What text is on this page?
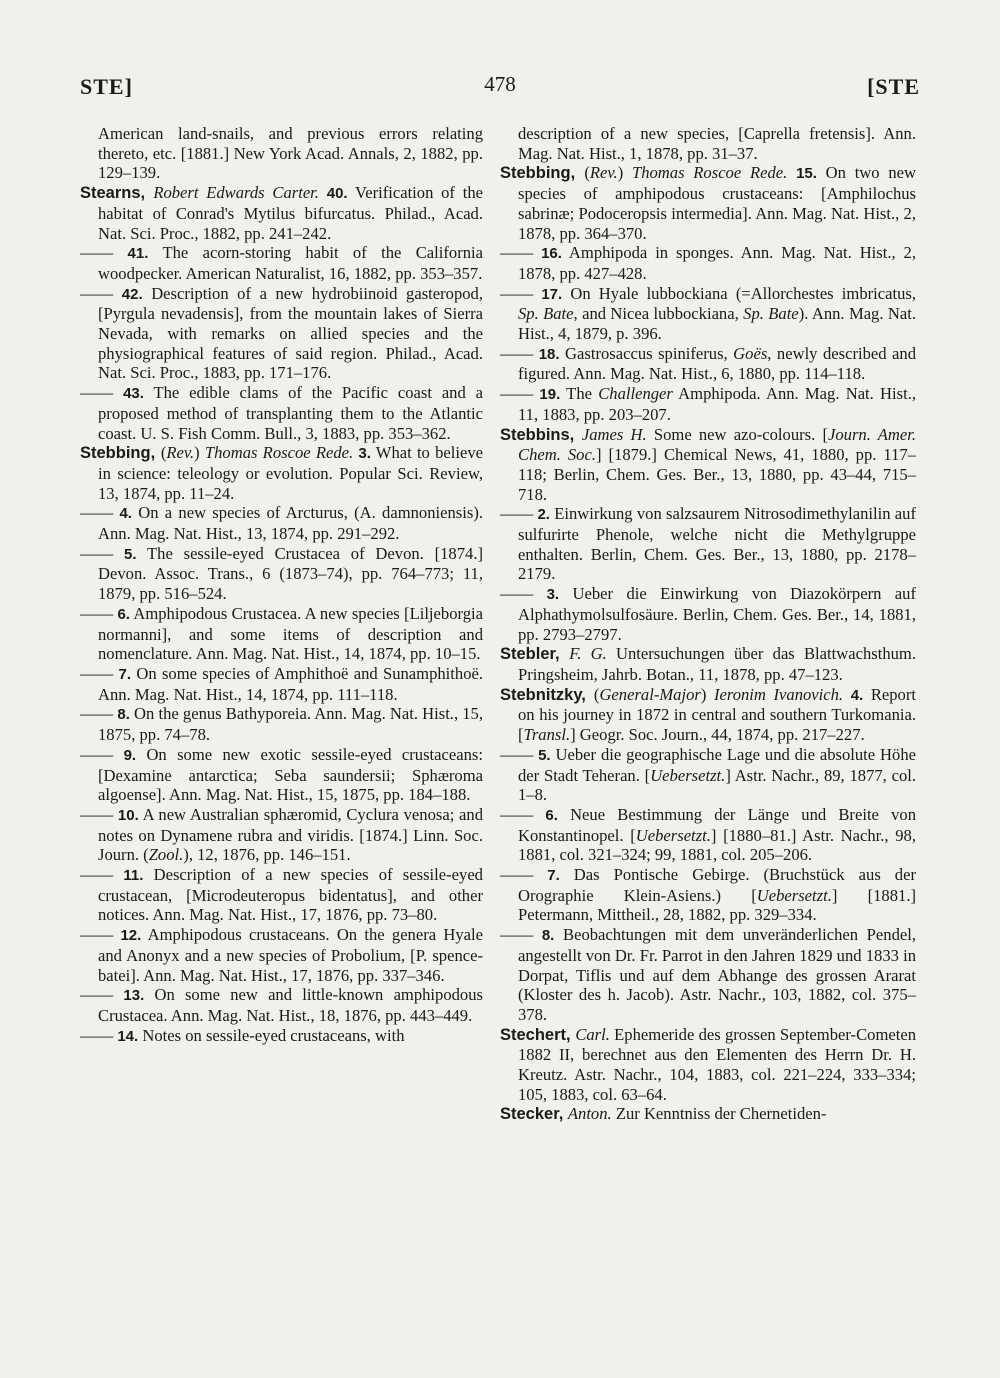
STE]	478	[STE

American land-snails, and previous errors relating thereto, etc. [1881.] New York Acad. Annals, 2, 1882, pp. 129–139.

Stearns, Robert Edwards Carter. 40. Verification of the habitat of Conrad's Mytilus bifurcatus. Philad., Acad. Nat. Sci. Proc., 1882, pp. 241–242.

—— 41. The acorn-storing habit of the California woodpecker. American Naturalist, 16, 1882, pp. 353–357.

—— 42. Description of a new hydrobiinoid gasteropod, [Pyrgula nevadensis], from the mountain lakes of Sierra Nevada, with remarks on allied species and the physiographical features of said region. Philad., Acad. Nat. Sci. Proc., 1883, pp. 171–176.

—— 43. The edible clams of the Pacific coast and a proposed method of transplanting them to the Atlantic coast. U. S. Fish Comm. Bull., 3, 1883, pp. 353–362.

Stebbing, (Rev.) Thomas Roscoe Rede. 3. What to believe in science: teleology or evolution. Popular Sci. Review, 13, 1874, pp. 11–24.

—— 4. On a new species of Arcturus, (A. damnoniensis). Ann. Mag. Nat. Hist., 13, 1874, pp. 291–292.

—— 5. The sessile-eyed Crustacea of Devon. [1874.] Devon. Assoc. Trans., 6 (1873–74), pp. 764–773; 11, 1879, pp. 516–524.

—— 6. Amphipodous Crustacea. A new species [Liljeborgia normanni], and some items of description and nomenclature. Ann. Mag. Nat. Hist., 14, 1874, pp. 10–15.

—— 7. On some species of Amphithoë and Sunamphithoë. Ann. Mag. Nat. Hist., 14, 1874, pp. 111–118.

—— 8. On the genus Bathyporeia. Ann. Mag. Nat. Hist., 15, 1875, pp. 74–78.

—— 9. On some new exotic sessile-eyed crustaceans: [Dexamine antarctica; Seba saundersii; Sphæroma algoense]. Ann. Mag. Nat. Hist., 15, 1875, pp. 184–188.

—— 10. A new Australian sphæromid, Cyclura venosa; and notes on Dynamene rubra and viridis. [1874.] Linn. Soc. Journ. (Zool.), 12, 1876, pp. 146–151.

—— 11. Description of a new species of sessile-eyed crustacean, [Microdeuteropus bidentatus], and other notices. Ann. Mag. Nat. Hist., 17, 1876, pp. 73–80.

—— 12. Amphipodous crustaceans. On the genera Hyale and Anonyx and a new species of Probolium, [P. spence-batei]. Ann. Mag. Nat. Hist., 17, 1876, pp. 337–346.

—— 13. On some new and little-known amphipodous Crustacea. Ann. Mag. Nat. Hist., 18, 1876, pp. 443–449.

—— 14. Notes on sessile-eyed crustaceans, with

description of a new species, [Caprella fretensis]. Ann. Mag. Nat. Hist., 1, 1878, pp. 31–37.

Stebbing, (Rev.) Thomas Roscoe Rede. 15. On two new species of amphipodous crustaceans: [Amphilochus sabrinæ; Podoceropsis intermedia]. Ann. Mag. Nat. Hist., 2, 1878, pp. 364–370.

—— 16. Amphipoda in sponges. Ann. Mag. Nat. Hist., 2, 1878, pp. 427–428.

—— 17. On Hyale lubbockiana (=Allorchestes imbricatus, Sp. Bate, and Nicea lubbockiana, Sp. Bate). Ann. Mag. Nat. Hist., 4, 1879, p. 396.

—— 18. Gastrosaccus spiniferus, Goës, newly described and figured. Ann. Mag. Nat. Hist., 6, 1880, pp. 114–118.

—— 19. The Challenger Amphipoda. Ann. Mag. Nat. Hist., 11, 1883, pp. 203–207.

Stebbins, James H. Some new azo-colours. [Journ. Amer. Chem. Soc.] [1879.] Chemical News, 41, 1880, pp. 117–118; Berlin, Chem. Ges. Ber., 13, 1880, pp. 43–44, 715–718.

—— 2. Einwirkung von salzsaurem Nitrosodimethylanilin auf sulfurirte Phenole, welche nicht die Methylgruppe enthalten. Berlin, Chem. Ges. Ber., 13, 1880, pp. 2178–2179.

—— 3. Ueber die Einwirkung von Diazokörpern auf Alphathymolsulfosäure. Berlin, Chem. Ges. Ber., 14, 1881, pp. 2793–2797.

Stebler, F. G. Untersuchungen über das Blattwachsthum. Pringsheim, Jahrb. Botan., 11, 1878, pp. 47–123.

Stebnitzky, (General-Major) Ieronim Ivanovich. 4. Report on his journey in 1872 in central and southern Turkomania. [Transl.] Geogr. Soc. Journ., 44, 1874, pp. 217–227.

—— 5. Ueber die geographische Lage und die absolute Höhe der Stadt Teheran. [Uebersetzt.] Astr. Nachr., 89, 1877, col. 1–8.

—— 6. Neue Bestimmung der Länge und Breite von Konstantinopel. [Uebersetzt.] [1880–81.] Astr. Nachr., 98, 1881, col. 321–324; 99, 1881, col. 205–206.

—— 7. Das Pontische Gebirge. (Bruchstück aus der Orographie Klein-Asiens.) [Uebersetzt.] [1881.] Petermann, Mittheil., 28, 1882, pp. 329–334.

—— 8. Beobachtungen mit dem unveränderlichen Pendel, angestellt von Dr. Fr. Parrot in den Jahren 1829 und 1833 in Dorpat, Tiflis und auf dem Abhange des grossen Ararat (Kloster des h. Jacob). Astr. Nachr., 103, 1882, col. 375–378.

Stechert, Carl. Ephemeride des grossen September-Cometen 1882 II, berechnet aus den Elementen des Herrn Dr. H. Kreutz. Astr. Nachr., 104, 1883, col. 221–224, 333–334; 105, 1883, col. 63–64.

Stecker, Anton. Zur Kenntniss der Chernetiden-
